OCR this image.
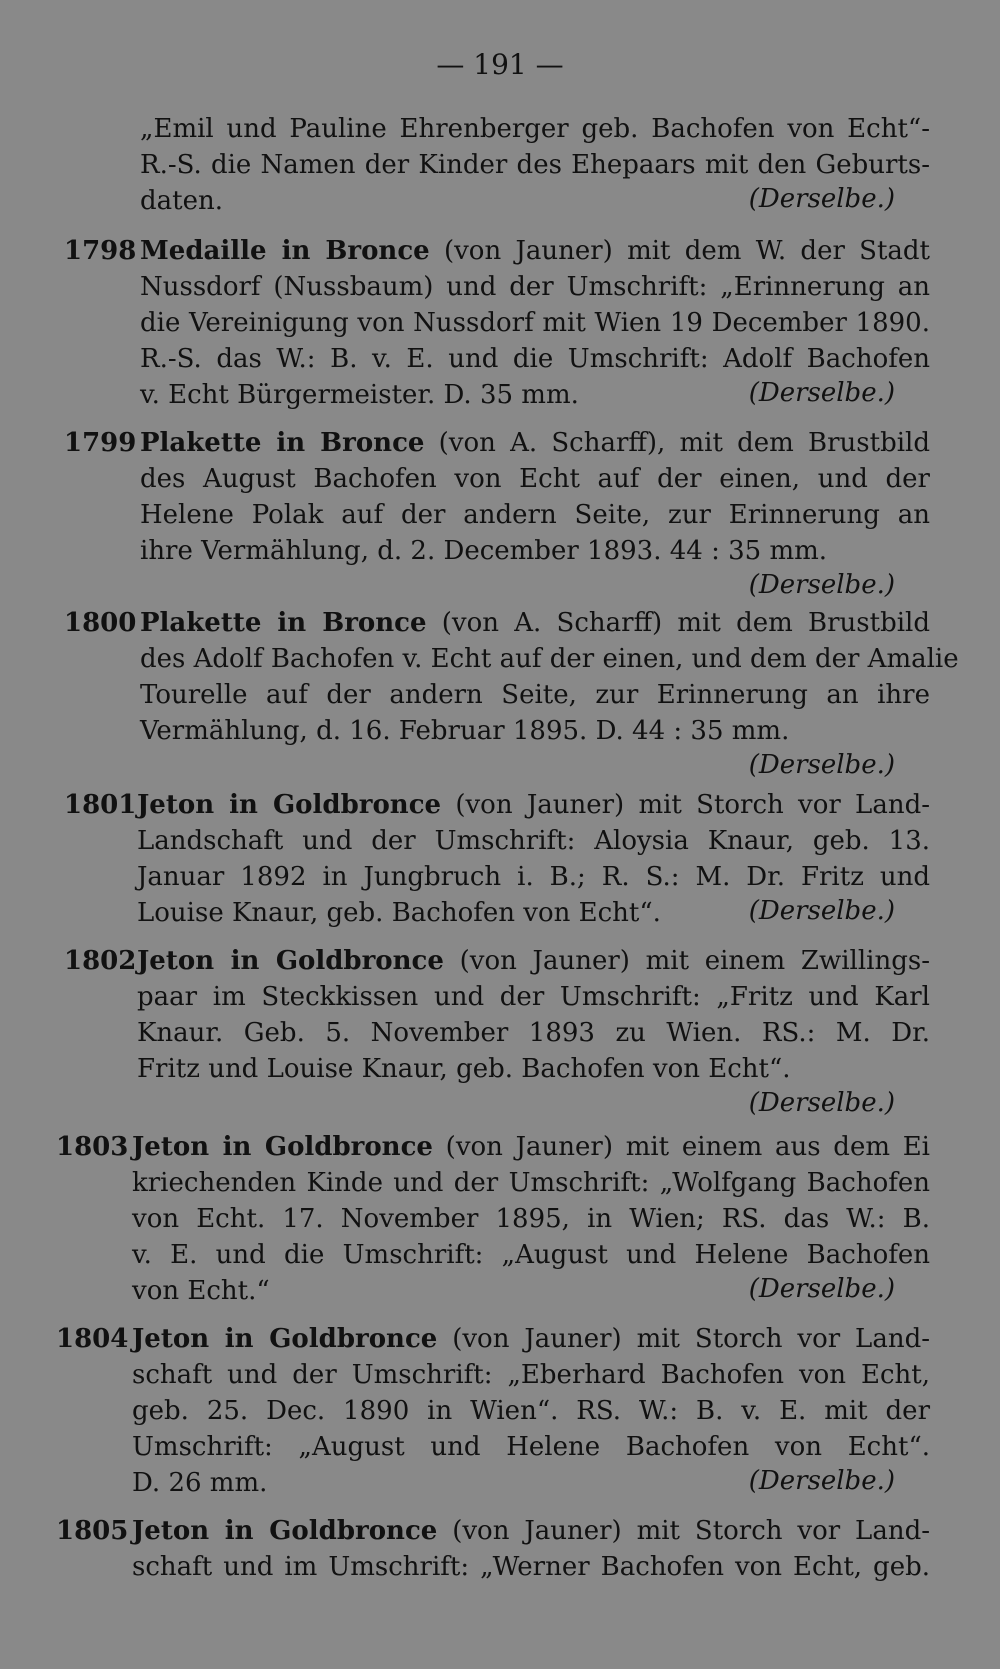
— 191 —
„Emil und Pauline Ehrenberger geb. Bachofen von Echt“-
R.-S. die Namen der Kinder des Ehepaars mit den Geburts-
daten.	(Derselbe.)
1798 Medaille in Bronce (von Jauner) mit dem W. der Stadt
Nussdorf (Nussbaum) und der Umschrift: „Erinnerung an
die Vereinigung von Nussdorf mit Wien 19 December 1890.
R.-S. das W.: B. v. E. und die Umschrift: Adolf Bachofen
v. Echt Bürgermeister. D. 35 mm.	(Derselbe.)
1799 Plakette in Bronce (von A. Scharff), mit dem Brustbild
des August Bachofen von Echt auf der einen, und der
Helene Polak auf der andern Seite, zur Erinnerung an
ihre Vermählung, d. 2. December 1893. 44 : 35 mm.
(Derselbe.)
1800 Plakette in Bronce (von A. Scharff) mit dem Brustbild
des Adolf Bachofen v. Echt auf der einen, und dem der Amalie
Tourelle auf der andern Seite, zur Erinnerung an ihre
Vermählung, d. 16. Februar 1895. D. 44 : 35 mm.
(Derselbe.)
1801 Jeton in Goldbronce (von Jauner) mit Storch vor Land-
Landschaft und der Umschrift: Aloysia Knaur, geb. 13.
Januar 1892 in Jungbruch i. B.; R. S.: M. Dr. Fritz und
Louise Knaur, geb. Bachofen von Echt“.	(Derselbe.)
1802 Jeton in Goldbronce (von Jauner) mit einem Zwillings-
paar im Steckkissen und der Umschrift: „Fritz und Karl
Knaur. Geb. 5. November 1893 zu Wien. RS.: M. Dr.
Fritz und Louise Knaur, geb. Bachofen von Echt“.
(Derselbe.)
1803 Jeton in Goldbronce (von Jauner) mit einem aus dem Ei
kriechenden Kinde und der Umschrift: „Wolfgang Bachofen
von Echt. 17. November 1895, in Wien; RS. das W.: B.
v. E. und die Umschrift: „August und Helene Bachofen
von Echt.“	(Derselbe.)
1804 Jeton in Goldbronce (von Jauner) mit Storch vor Land-
schaft und der Umschrift: „Eberhard Bachofen von Echt,
geb. 25. Dec. 1890 in Wien“. RS. W.: B. v. E. mit der
Umschrift: „August und Helene Bachofen von Echt“.
D. 26 mm.	(Derselbe.)
1805 Jeton in Goldbronce (von Jauner) mit Storch vor Land-
schaft und im Umschrift: „Werner Bachofen von Echt, geb.
